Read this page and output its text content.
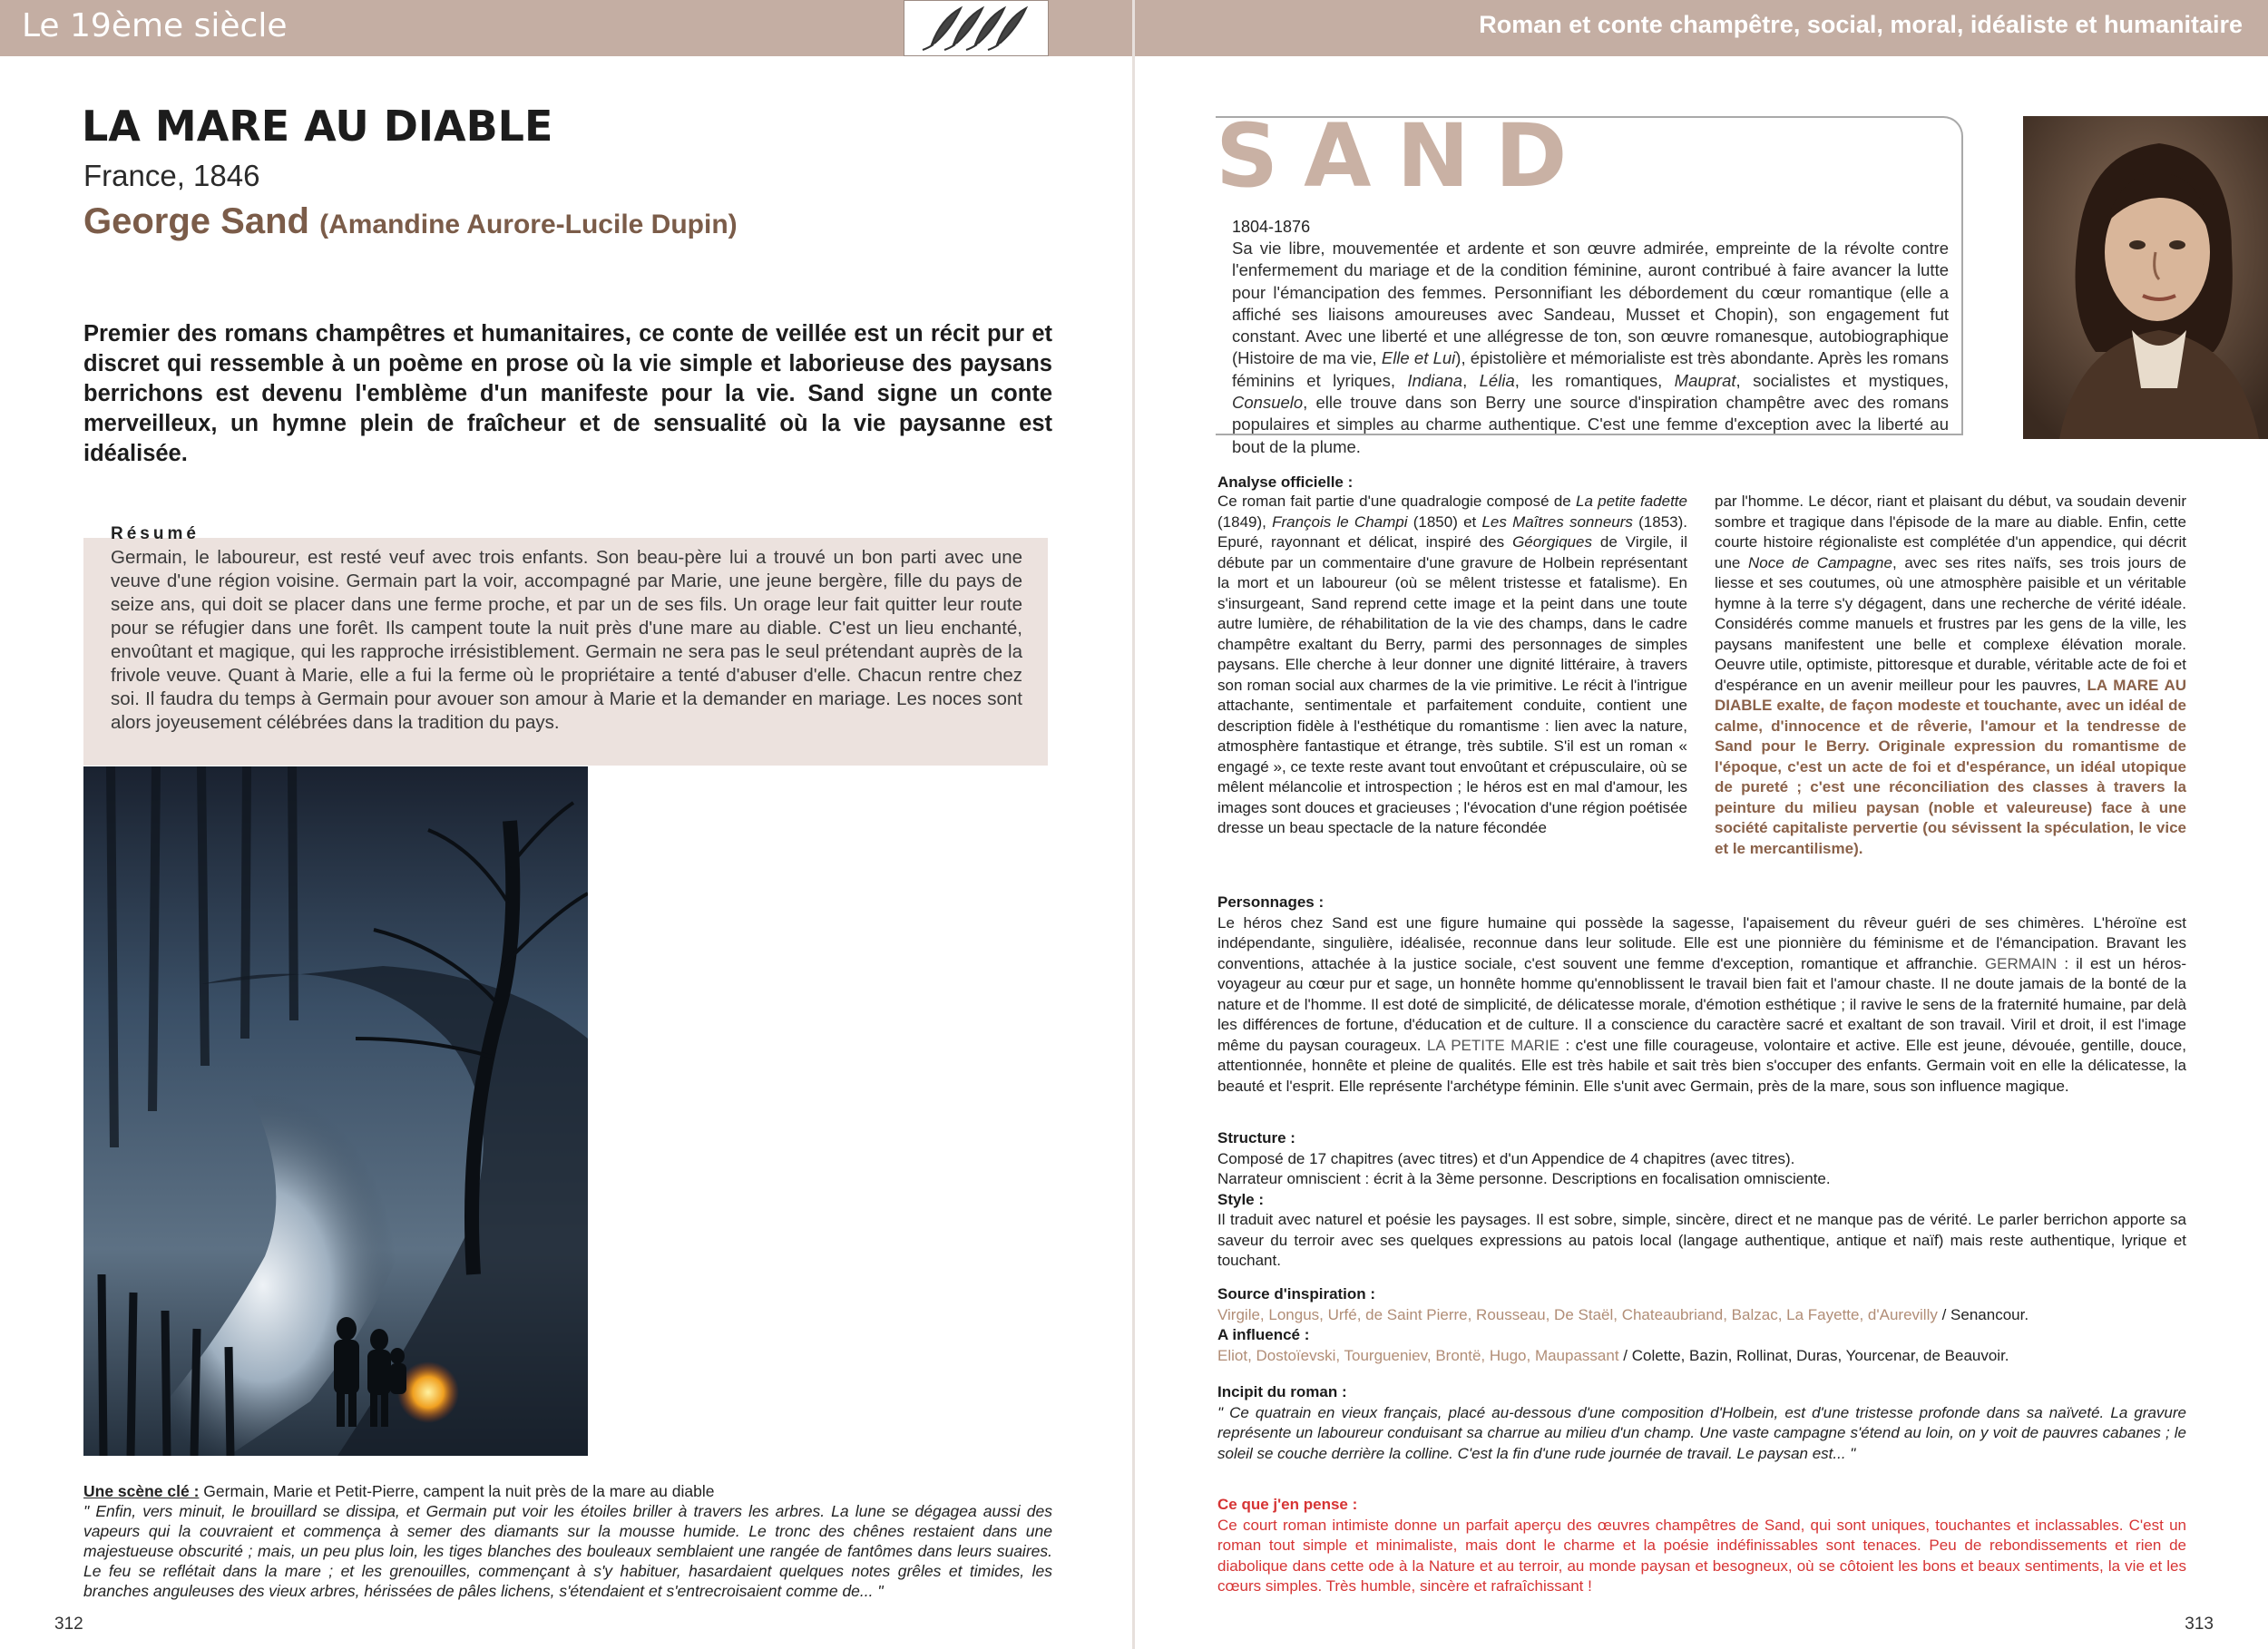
Le 19ème siècle	Roman et conte champêtre, social, moral, idéaliste et humanitaire
LA MARE AU DIABLE
France, 1846
George Sand (Amandine Aurore-Lucile Dupin)
Premier des romans champêtres et humanitaires, ce conte de veillée est un récit pur et discret qui ressemble à un poème en prose où la vie simple et laborieuse des paysans berrichons est devenu l'emblème d'un manifeste pour la vie. Sand signe un conte merveilleux, un hymne plein de fraîcheur et de sensualité où la vie paysanne est idéalisée.
Résumé
Germain, le laboureur, est resté veuf avec trois enfants. Son beau-père lui a trouvé un bon parti avec une veuve d'une région voisine. Germain part la voir, accompagné par Marie, une jeune bergère, fille du pays de seize ans, qui doit se placer dans une ferme proche, et par un de ses fils. Un orage leur fait quitter leur route pour se réfugier dans une forêt. Ils campent toute la nuit près d'une mare au diable. C'est un lieu enchanté, envoûtant et magique, qui les rapproche irrésistiblement. Germain ne sera pas le seul prétendant auprès de la frivole veuve. Quant à Marie, elle a fui la ferme où le propriétaire a tenté d'abuser d'elle. Chacun rentre chez soi. Il faudra du temps à Germain pour avouer son amour à Marie et la demander en mariage. Les noces sont alors joyeusement célébrées dans la tradition du pays.
Une scène clé : Germain, Marie et Petit-Pierre, campent la nuit près de la mare au diable
" Enfin, vers minuit, le brouillard se dissipa, et Germain put voir les étoiles briller à travers les arbres. La lune se dégagea aussi des vapeurs qui la couvraient et commença à semer des diamants sur la mousse humide. Le tronc des chênes restaient dans une majestueuse obscurité ; mais, un peu plus loin, les tiges blanches des bouleaux semblaient une rangée de fantômes dans leurs suaires. Le feu se reflétait dans la mare ; et les grenouilles, commençant à s'y habituer, hasardaient quelques notes grêles et timides, les branches anguleuses des vieux arbres, hérissées de pâles lichens, s'étendaient et s'entrecroisaient comme de... "
312
SAND
1804-1876
Sa vie libre, mouvementée et ardente et son œuvre admirée, empreinte de la révolte contre l'enfermement du mariage et de la condition féminine, auront contribué à faire avancer la lutte pour l'émancipation des femmes. Personnifiant les débordement du cœur romantique (elle a affiché ses liaisons amoureuses avec Sandeau, Musset et Chopin), son engagement fut constant. Avec une liberté et une allégresse de ton, son œuvre romanesque, autobiographique (Histoire de ma vie, Elle et Lui), épistolière et mémorialiste est très abondante. Après les romans féminins et lyriques, Indiana, Lélia, les romantiques, Mauprat, socialistes et mystiques, Consuelo, elle trouve dans son Berry une source d'inspiration champêtre avec des romans populaires et simples au charme authentique. C'est une femme d'exception avec la liberté au bout de la plume.
Analyse officielle :
Ce roman fait partie d'une quadralogie composé de La petite fadette (1849), François le Champi (1850) et Les Maîtres sonneurs (1853). Epuré, rayonnant et délicat, inspiré des Géorgiques de Virgile, il débute par un commentaire d'une gravure de Holbein représentant la mort et un laboureur (où se mêlent tristesse et fatalisme). En s'insurgeant, Sand reprend cette image et la peint dans une toute autre lumière, de réhabilitation de la vie des champs, dans le cadre champêtre exaltant du Berry, parmi des personnages de simples paysans. Elle cherche à leur donner une dignité littéraire, à travers son roman social aux charmes de la vie primitive. Le récit à l'intrigue attachante, sentimentale et parfaitement conduite, contient une description fidèle à l'esthétique du romantisme : lien avec la nature, atmosphère fantastique et étrange, très subtile. S'il est un roman « engagé », ce texte reste avant tout envoûtant et crépusculaire, où se mêlent mélancolie et introspection ; le héros est en mal d'amour, les images sont douces et gracieuses ; l'évocation d'une région poétisée dresse un beau spectacle de la nature fécondée
par l'homme. Le décor, riant et plaisant du début, va soudain devenir sombre et tragique dans l'épisode de la mare au diable. Enfin, cette courte histoire régionaliste est complétée d'un appendice, qui décrit une Noce de Campagne, avec ses rites naïfs, ses trois jours de liesse et ses coutumes, où une atmosphère paisible et un véritable hymne à la terre s'y dégagent, dans une recherche de vérité idéale. Considérés comme manuels et frustres par les gens de la ville, les paysans manifestent une belle et complexe élévation morale. Oeuvre utile, optimiste, pittoresque et durable, véritable acte de foi et d'espérance en un avenir meilleur pour les pauvres, LA MARE AU DIABLE exalte, de façon modeste et touchante, avec un idéal de calme, d'innocence et de rêverie, l'amour et la tendresse de Sand pour le Berry. Originale expression du romantisme de l'époque, c'est un acte de foi et d'espérance, un idéal utopique de pureté ; c'est une réconciliation des classes à travers la peinture du milieu paysan (noble et valeureuse) face à une société capitaliste pervertie (ou sévissent la spéculation, le vice et le mercantilisme).
Personnages :
Le héros chez Sand est une figure humaine qui possède la sagesse, l'apaisement du rêveur guéri de ses chimères. L'héroïne est indépendante, singulière, idéalisée, reconnue dans leur solitude. Elle est une pionnière du féminisme et de l'émancipation. Bravant les conventions, attachée à la justice sociale, c'est souvent une femme d'exception, romantique et affranchie. GERMAIN : il est un héros-voyageur au cœur pur et sage, un honnête homme qu'ennoblissent le travail bien fait et l'amour chaste. Il ne doute jamais de la bonté de la nature et de l'homme. Il est doté de simplicité, de délicatesse morale, d'émotion esthétique ; il ravive le sens de la fraternité humaine, par delà les différences de fortune, d'éducation et de culture. Il a conscience du caractère sacré et exaltant de son travail. Viril et droit, il est l'image même du paysan courageux. LA PETITE MARIE : c'est une fille courageuse, volontaire et active. Elle est jeune, dévouée, gentille, douce, attentionnée, honnête et pleine de qualités. Elle est très habile et sait très bien s'occuper des enfants. Germain voit en elle la délicatesse, la beauté et l'esprit. Elle représente l'archétype féminin. Elle s'unit avec Germain, près de la mare, sous son influence magique.
Structure :
Composé de 17 chapitres (avec titres) et d'un Appendice de 4 chapitres (avec titres).
Narrateur omniscient : écrit à la 3ème personne. Descriptions en focalisation omnisciente.
Style :
Il traduit avec naturel et poésie les paysages. Il est sobre, simple, sincère, direct et ne manque pas de vérité. Le parler berrichon apporte sa saveur du terroir avec ses quelques expressions au patois local (langage authentique, antique et naïf) mais reste authentique, lyrique et touchant.
Source d'inspiration :
Virgile, Longus, Urfé, de Saint Pierre, Rousseau, De Staël, Chateaubriand, Balzac, La Fayette, d'Aurevilly / Senancour.
A influencé :
Eliot, Dostoïevski, Tourgueniev, Brontë, Hugo, Maupassant / Colette, Bazin, Rollinat, Duras, Yourcenar, de Beauvoir.
Incipit du roman :
" Ce quatrain en vieux français, placé au-dessous d'une composition d'Holbein, est d'une tristesse profonde dans sa naïveté. La gravure représente un laboureur conduisant sa charrue au milieu d'un champ. Une vaste campagne s'étend au loin, on y voit de pauvres cabanes ; le soleil se couche derrière la colline. C'est la fin d'une rude journée de travail. Le paysan est... "
Ce que j'en pense :
Ce court roman intimiste donne un parfait aperçu des œuvres champêtres de Sand, qui sont uniques, touchantes et inclassables. C'est un roman tout simple et minimaliste, mais dont le charme et la poésie indéfinissables sont tenaces. Peu de rebondissements et rien de diabolique dans cette ode à la Nature et au terroir, au monde paysan et besogneux, où se côtoient les bons et beaux sentiments, la vie et les cœurs simples. Très humble, sincère et rafraîchissant !
313
